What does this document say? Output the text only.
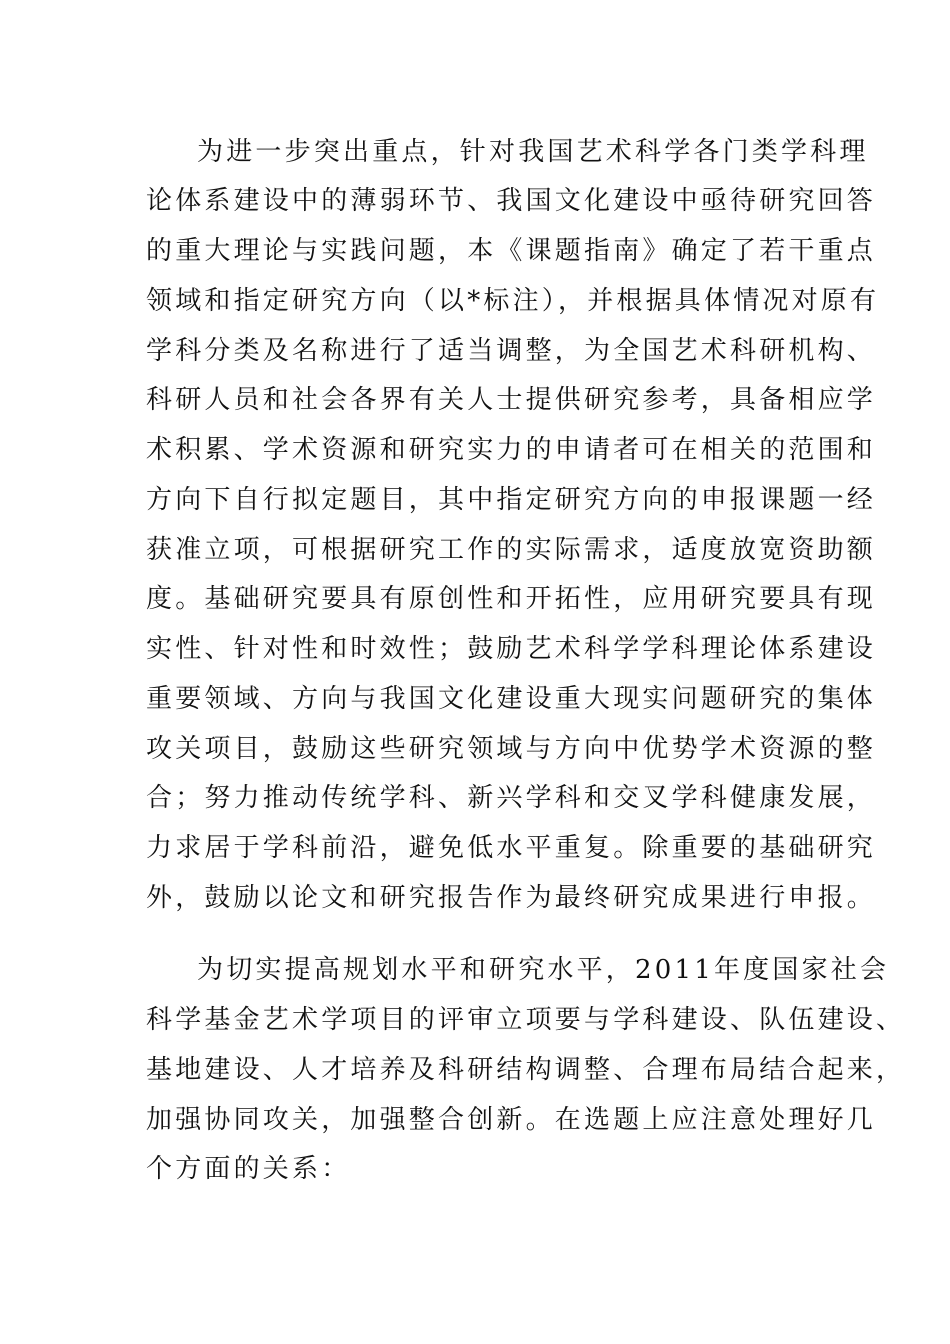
为进一步突出重点，针对我国艺术科学各门类学科理
论体系建设中的薄弱环节、我国文化建设中亟待研究回答
的重大理论与实践问题，本《课题指南》确定了若干重点
领域和指定研究方向（以*标注），并根据具体情况对原有
学科分类及名称进行了适当调整，为全国艺术科研机构、
科研人员和社会各界有关人士提供研究参考，具备相应学
术积累、学术资源和研究实力的申请者可在相关的范围和
方向下自行拟定题目，其中指定研究方向的申报课题一经
获准立项，可根据研究工作的实际需求，适度放宽资助额
度。基础研究要具有原创性和开拓性，应用研究要具有现
实性、针对性和时效性；鼓励艺术科学学科理论体系建设
重要领域、方向与我国文化建设重大现实问题研究的集体
攻关项目，鼓励这些研究领域与方向中优势学术资源的整
合；努力推动传统学科、新兴学科和交叉学科健康发展，
力求居于学科前沿，避免低水平重复。除重要的基础研究
外，鼓励以论文和研究报告作为最终研究成果进行申报。
为切实提高规划水平和研究水平，2011年度国家社会
科学基金艺术学项目的评审立项要与学科建设、队伍建设、
基地建设、人才培养及科研结构调整、合理布局结合起来，
加强协同攻关，加强整合创新。在选题上应注意处理好几
个方面的关系：
